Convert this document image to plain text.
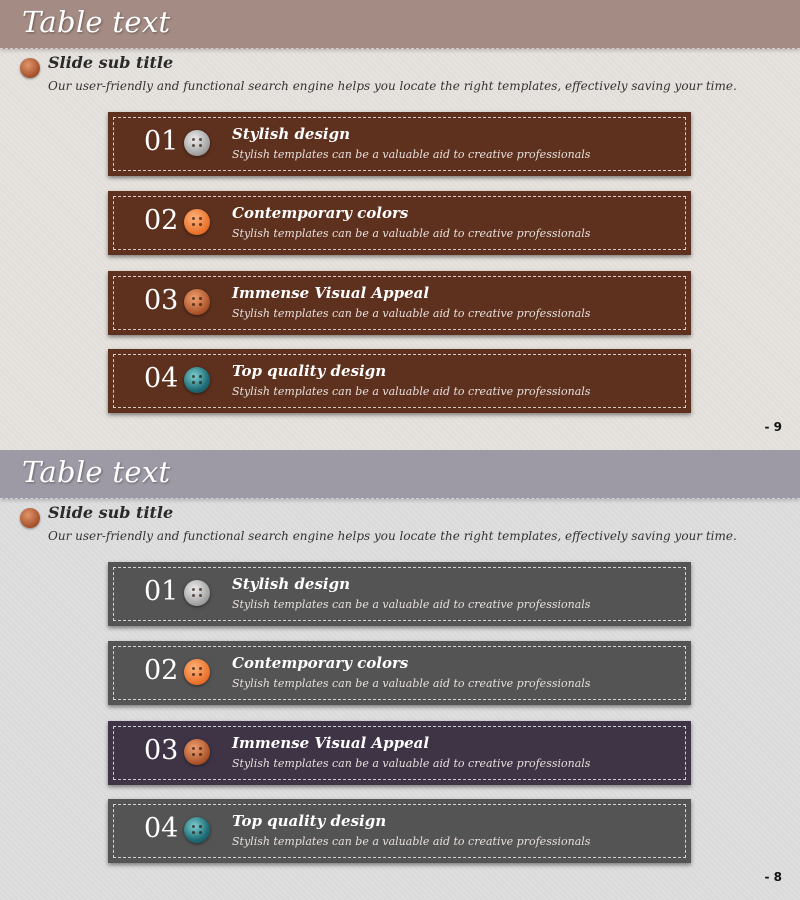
Table text
Slide sub title
Our user-friendly and functional search engine helps you locate the right templates, effectively saving your time.
01	Stylish design
Stylish templates can be a valuable aid to creative professionals
02	Contemporary colors
Stylish templates can be a valuable aid to creative professionals
03	Immense Visual Appeal
Stylish templates can be a valuable aid to creative professionals
04	Top quality design
Stylish templates can be a valuable aid to creative professionals
- 9
Table text
Slide sub title
Our user-friendly and functional search engine helps you locate the right templates, effectively saving your time.
01	Stylish design
Stylish templates can be a valuable aid to creative professionals
02	Contemporary colors
Stylish templates can be a valuable aid to creative professionals
03	Immense Visual Appeal
Stylish templates can be a valuable aid to creative professionals
04	Top quality design
Stylish templates can be a valuable aid to creative professionals
- 8
